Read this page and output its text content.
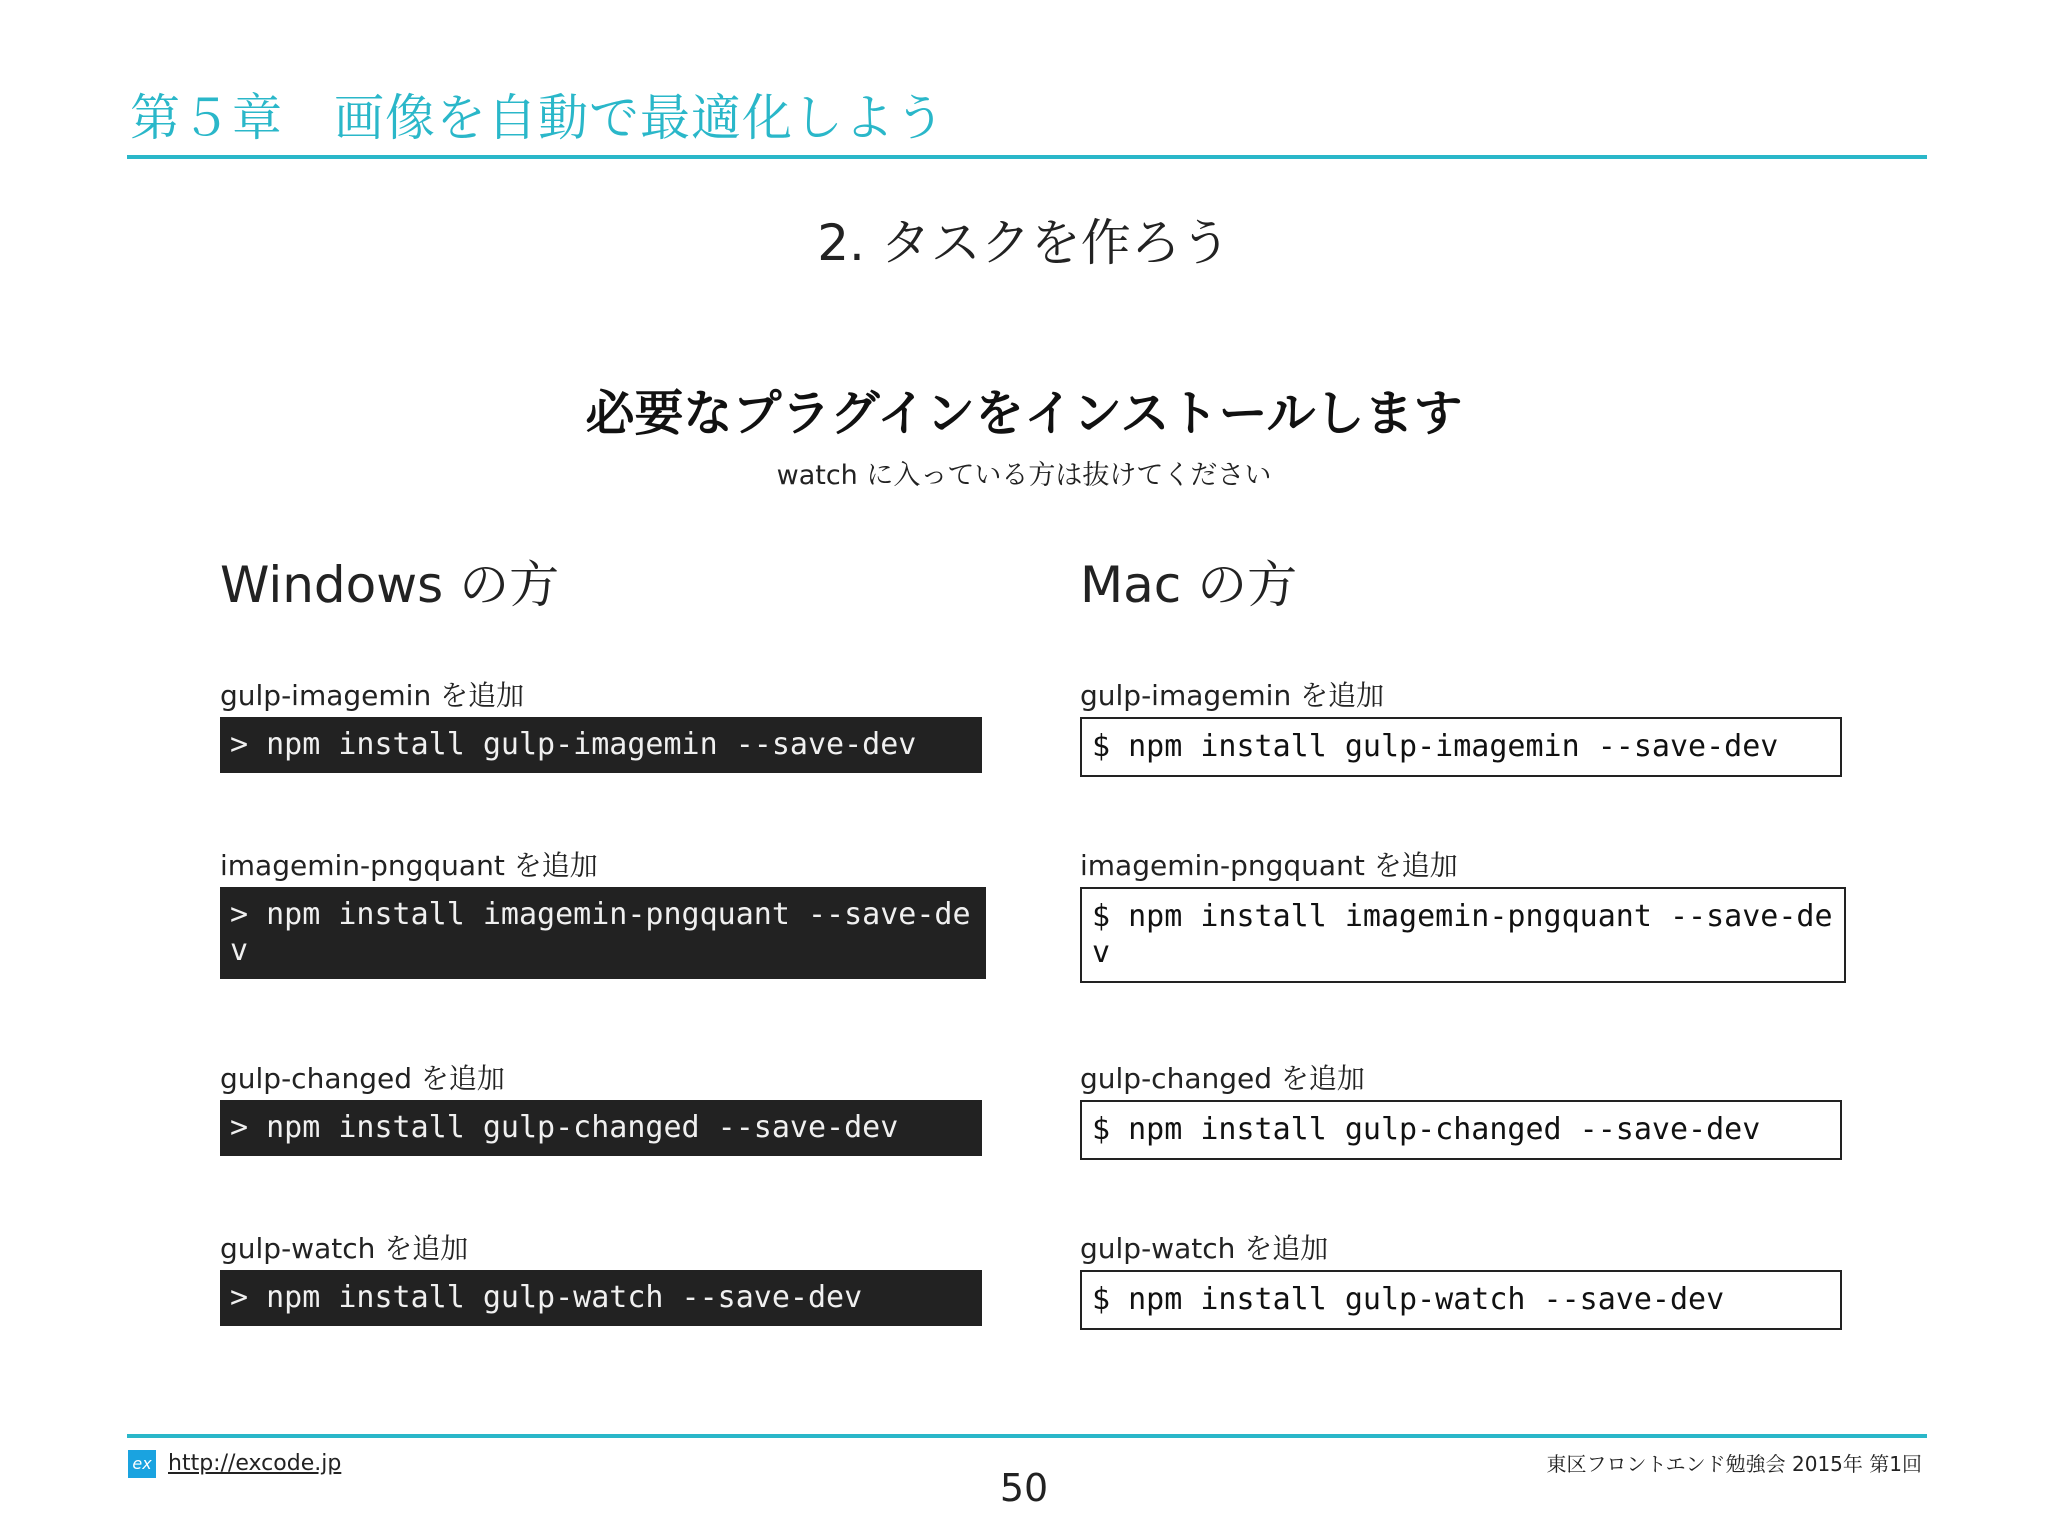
第５章　画像を自動で最適化しよう
2. タスクを作ろう
必要なプラグインをインストールします
watch に入っている方は抜けてください
Windows の方
gulp-imagemin を追加
> npm install gulp-imagemin --save-dev
imagemin-pngquant を追加
> npm install imagemin-pngquant --save-dev
gulp-changed を追加
> npm install gulp-changed --save-dev
gulp-watch を追加
> npm install gulp-watch --save-dev
Mac の方
gulp-imagemin を追加
$ npm install gulp-imagemin --save-dev
imagemin-pngquant を追加
$ npm install imagemin-pngquant --save-dev
gulp-changed を追加
$ npm install gulp-changed --save-dev
gulp-watch を追加
$ npm install gulp-watch --save-dev
ex http://excode.jp
50
東区フロントエンド勉強会 2015年 第1回
